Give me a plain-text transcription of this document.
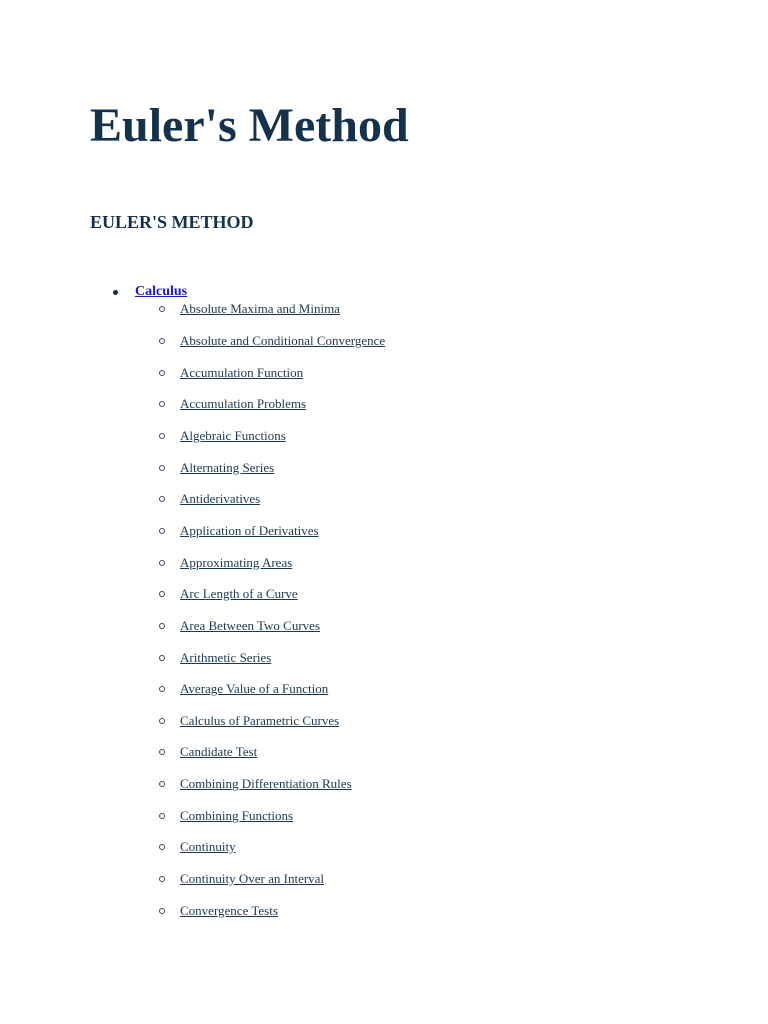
Euler's Method
EULER'S METHOD
Calculus
Absolute Maxima and Minima
Absolute and Conditional Convergence
Accumulation Function
Accumulation Problems
Algebraic Functions
Alternating Series
Antiderivatives
Application of Derivatives
Approximating Areas
Arc Length of a Curve
Area Between Two Curves
Arithmetic Series
Average Value of a Function
Calculus of Parametric Curves
Candidate Test
Combining Differentiation Rules
Combining Functions
Continuity
Continuity Over an Interval
Convergence Tests
